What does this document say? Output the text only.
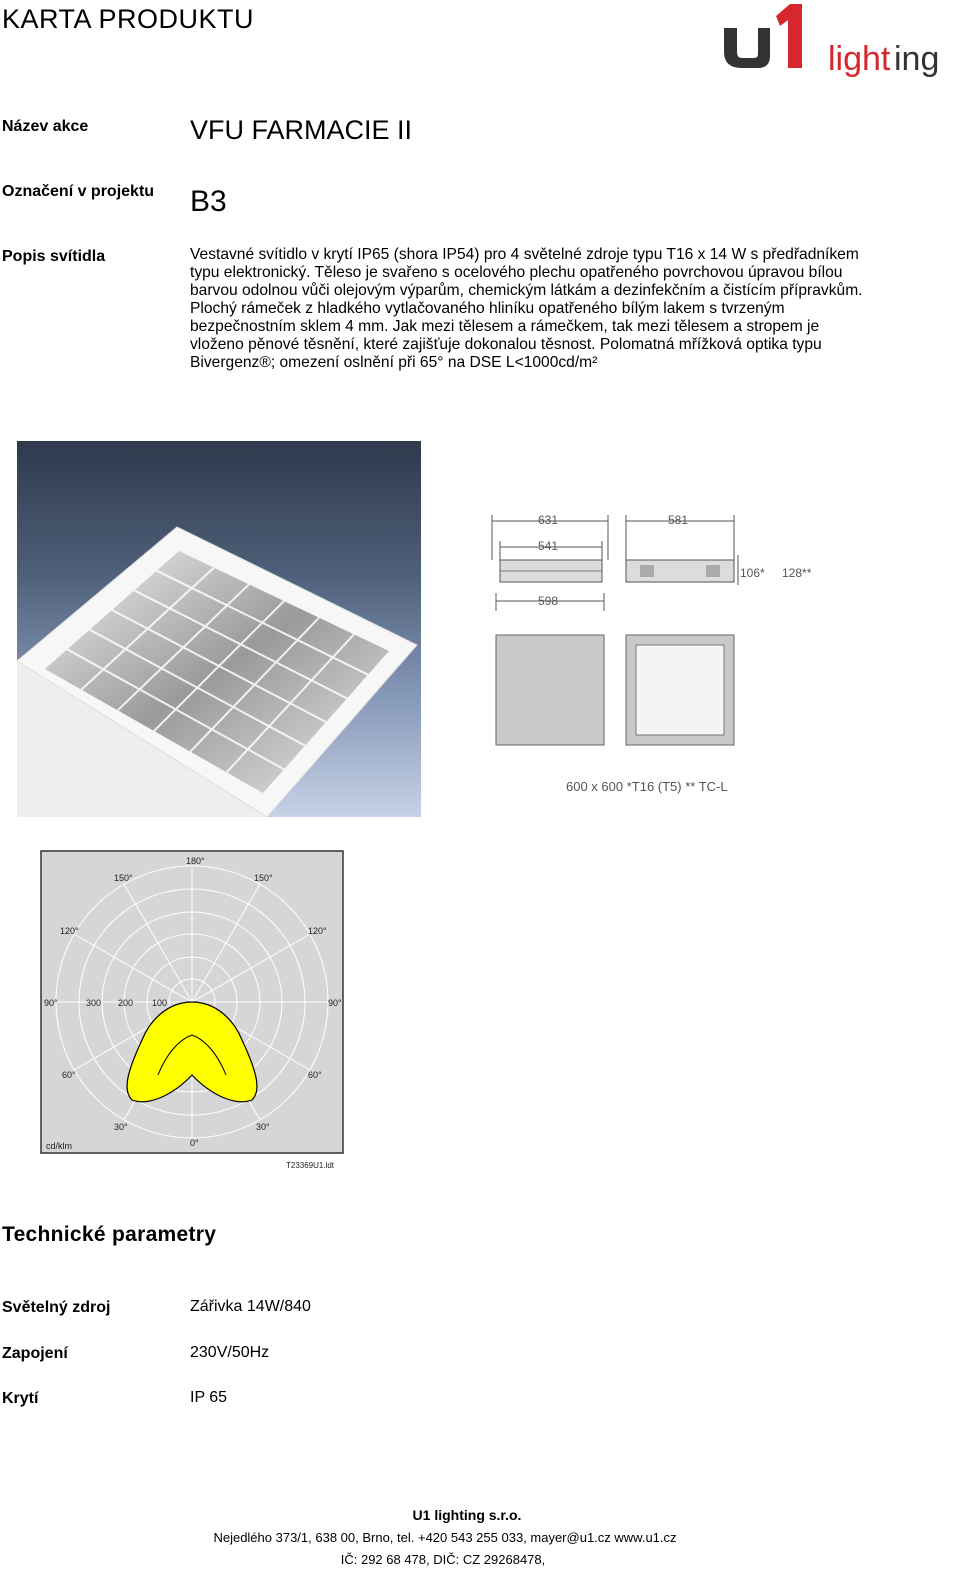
KARTA PRODUKTU
light ing
Název akce	VFU FARMACIE II
Označení v projektu B3
Popis svítidla	Vestavné svítidlo v krytí IP65 (shora IP54) pro 4 světelné zdroje typu T16 x 14 W s předřadníkem
typu elektronický. Těleso je svařeno s ocelového plechu opatřeného povrchovou úpravou bílou
barvou odolnou vůči olejovým výparům, chemickým látkám a dezinfekčním a čistícím přípravkům.
Plochý rámeček z hladkého vytlačovaného hliníku opatřeného bílým lakem s tvrzeným
bezpečnostním sklem 4 mm. Jak mezi tělesem a rámečkem, tak mezi tělesem a stropem je
vloženo pěnové těsnění, které zajišťuje dokonalou těsnost. Polomatná mřížková optika typu
Bivergenz®; omezení oslnění při 65° na DSE L<1000cd/m²
631
541
581
106* 128**
598
600 x 600 *T16 (T5) ** TC-L
180°
150°	150°
120°	120°
90°	90°
60°	60°
30°	30°
0°
300 200 100
cd/klm
T23369U1.ldt
Technické parametry
Světelný zdroj	Zářivka 14W/840
Zapojení	230V/50Hz
Krytí	IP 65
U1 lighting s.r.o.
Nejedlého 373/1, 638 00, Brno, tel. +420 543 255 033, mayer@u1.cz www.u1.cz
IČ: 292 68 478, DIČ: CZ 29268478,
